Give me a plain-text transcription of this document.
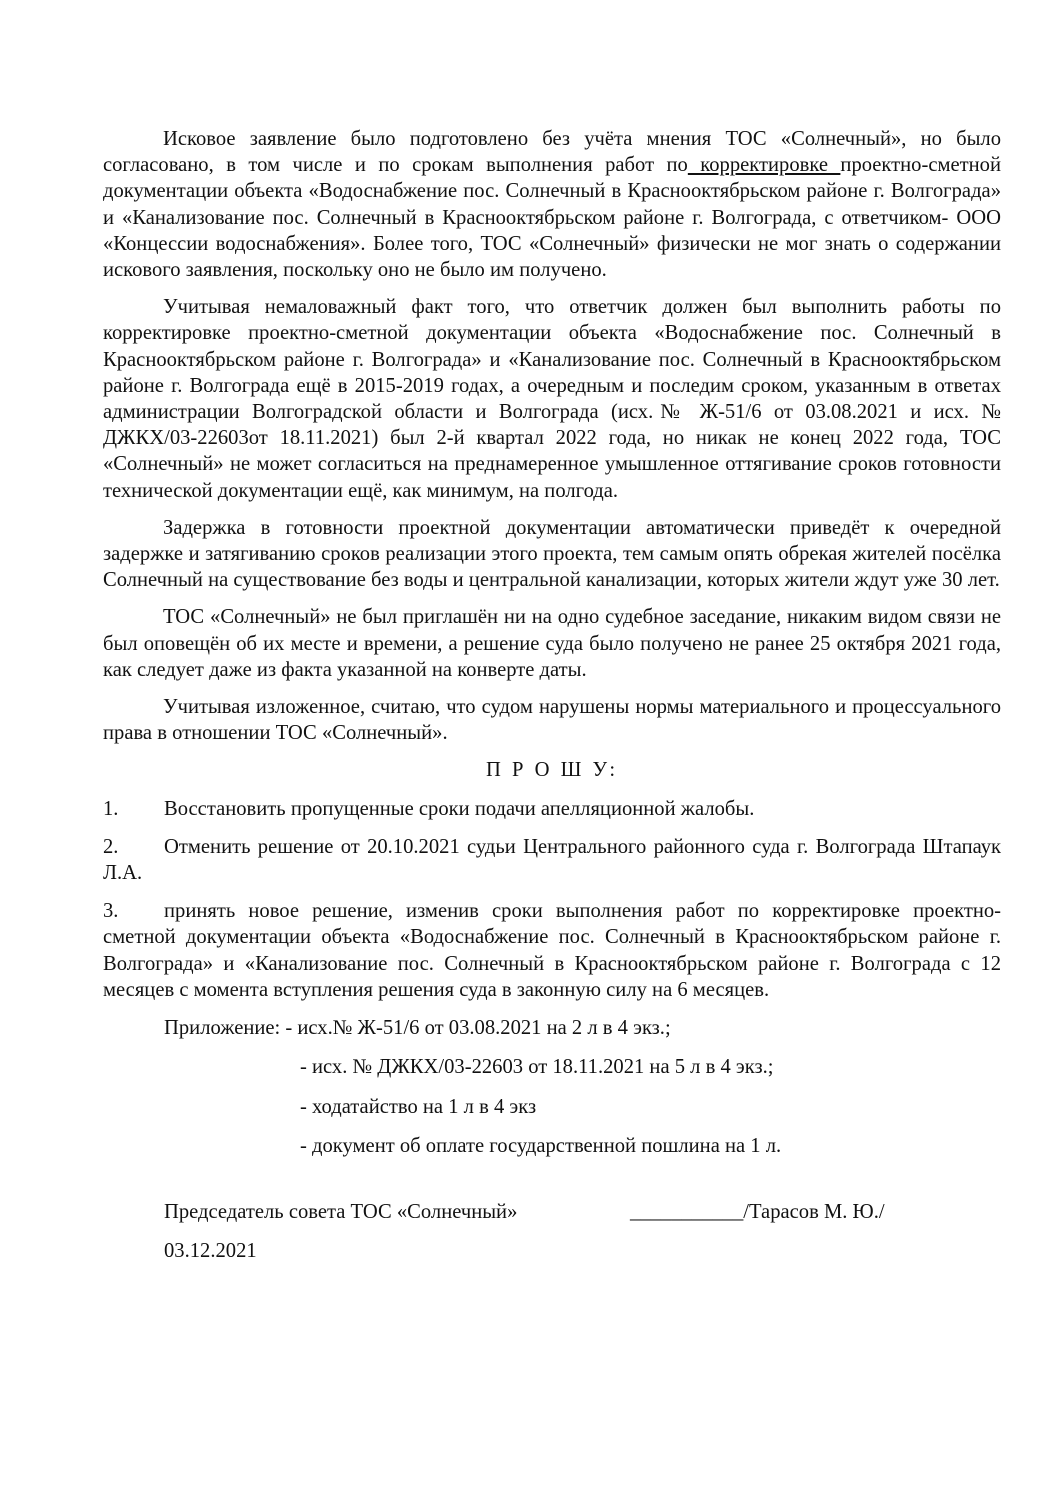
Исковое заявление было подготовлено без учёта мнения ТОС «Солнечный», но было согласовано, в том числе и по срокам выполнения работ по корректировке проектно-сметной документации объекта «Водоснабжение пос. Солнечный в Краснооктябрьском районе г. Волгограда» и «Канализование пос. Солнечный в Краснооктябрьском районе г. Волгограда, с ответчиком- ООО «Концессии водоснабжения». Более того, ТОС «Солнечный» физически не мог знать о содержании искового заявления, поскольку оно не было им получено.

Учитывая немаловажный факт того, что ответчик должен был выполнить работы по корректировке проектно-сметной документации объекта «Водоснабжение пос. Солнечный в Краснооктябрьском районе г. Волгограда» и «Канализование пос. Солнечный в Краснооктябрьском районе г. Волгограда ещё в 2015-2019 годах, а очередным и последим сроком, указанным в ответах администрации Волгоградской области и Волгограда (исх.№ Ж-51/6 от 03.08.2021 и исх. № ДЖКХ/03-22603от 18.11.2021) был 2-й квартал 2022 года, но никак не конец 2022 года, ТОС «Солнечный» не может согласиться на преднамеренное умышленное оттягивание сроков готовности технической документации ещё, как минимум, на полгода.

Задержка в готовности проектной документации автоматически приведёт к очередной задержке и затягиванию сроков реализации этого проекта, тем самым опять обрекая жителей посёлка Солнечный на существование без воды и центральной канализации, которых жители ждут уже 30 лет.

ТОС «Солнечный» не был приглашён ни на одно судебное заседание, никаким видом связи не был оповещён об их месте и времени, а решение суда было получено не ранее 25 октября 2021 года, как следует даже из факта указанной на конверте даты.

Учитывая изложенное, считаю, что судом нарушены нормы материального и процессуального права в отношении ТОС «Солнечный».

П Р О Ш У:
1. Восстановить пропущенные сроки подачи апелляционной жалобы.
2. Отменить решение от 20.10.2021 судьи Центрального районного суда г. Волгограда Штапаук Л.А.
3. принять новое решение, изменив сроки выполнения работ по корректировке проектно-сметной документации объекта «Водоснабжение пос. Солнечный в Краснооктябрьском районе г. Волгограда» и «Канализование пос. Солнечный в Краснооктябрьском районе г. Волгограда с 12 месяцев с момента вступления решения суда в законную силу на 6 месяцев.
Приложение: - исх.№ Ж-51/6 от 03.08.2021 на 2 л в 4 экз.;
- исх. № ДЖКХ/03-22603 от 18.11.2021 на 5 л в 4 экз.;
- ходатайство на 1 л в 4 экз
- документ об оплате государственной пошлина на 1 л.
Председатель совета ТОС «Солнечный»	___________/Тарасов М. Ю./
03.12.2021
